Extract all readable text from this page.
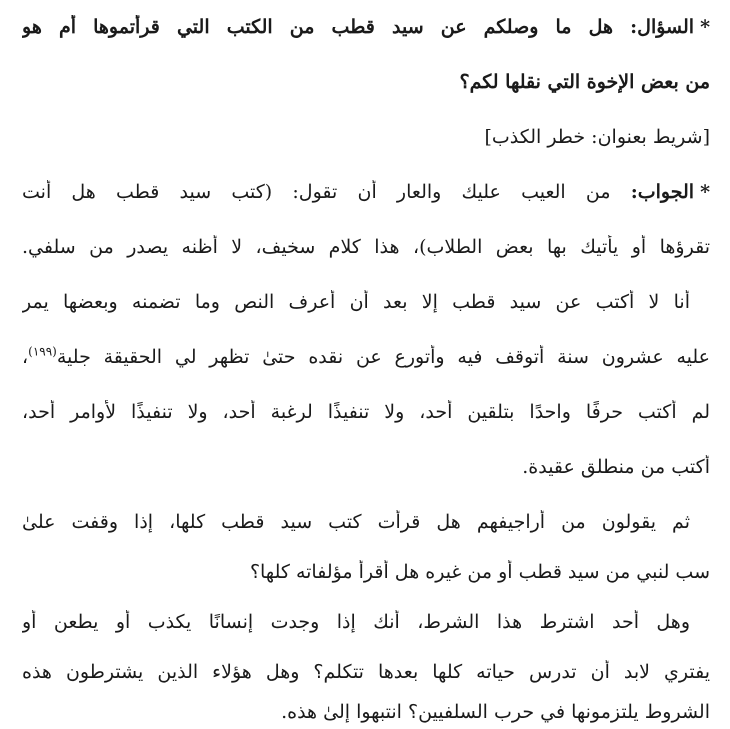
*السؤال: هل ما وصلكم عن سيد قطب من الكتب التي قرأتموها أم هو
من بعض الإخوة التي نقلها لكم؟
[شريط بعنوان: خطر الكذب]
*الجواب: من العيب عليك والعار أن تقول: (كتب سيد قطب هل أنت
تقرؤها أو يأتيك بها بعض الطلاب)، هذا كلام سخيف، لا أظنه يصدر من سلفي.
أنا لا أكتب عن سيد قطب إلا بعد أن أعرف النص وما تضمنه وبعضها يمر
عليه عشرون سنة أتوقف فيه وأتورع عن نقده حتىٰ تظهر لي الحقيقة جلية$^{(١٩٩)}$،
لم أكتب حرفًا واحدًا بتلقين أحد، ولا تنفيذًا لرغبة أحد، ولا تنفيذًا لأوامر أحد،
أكتب من منطلق عقيدة.
ثم يقولون من أراجيفهم هل قرأت كتب سيد قطب كلها، إذا وقفت علىٰ
سب لنبي من سيد قطب أو من غيره هل أقرأ مؤلفاته كلها؟
وهل أحد اشترط هذا الشرط، أنك إذا وجدت إنسانًا يكذب أو يطعن أو
يفتري لابد أن تدرس حياته كلها بعدها تتكلم؟ وهل هؤلاء الذين يشترطون هذه
الشروط يلتزمونها في حرب السلفيين؟ انتبهوا إلىٰ هذه.
